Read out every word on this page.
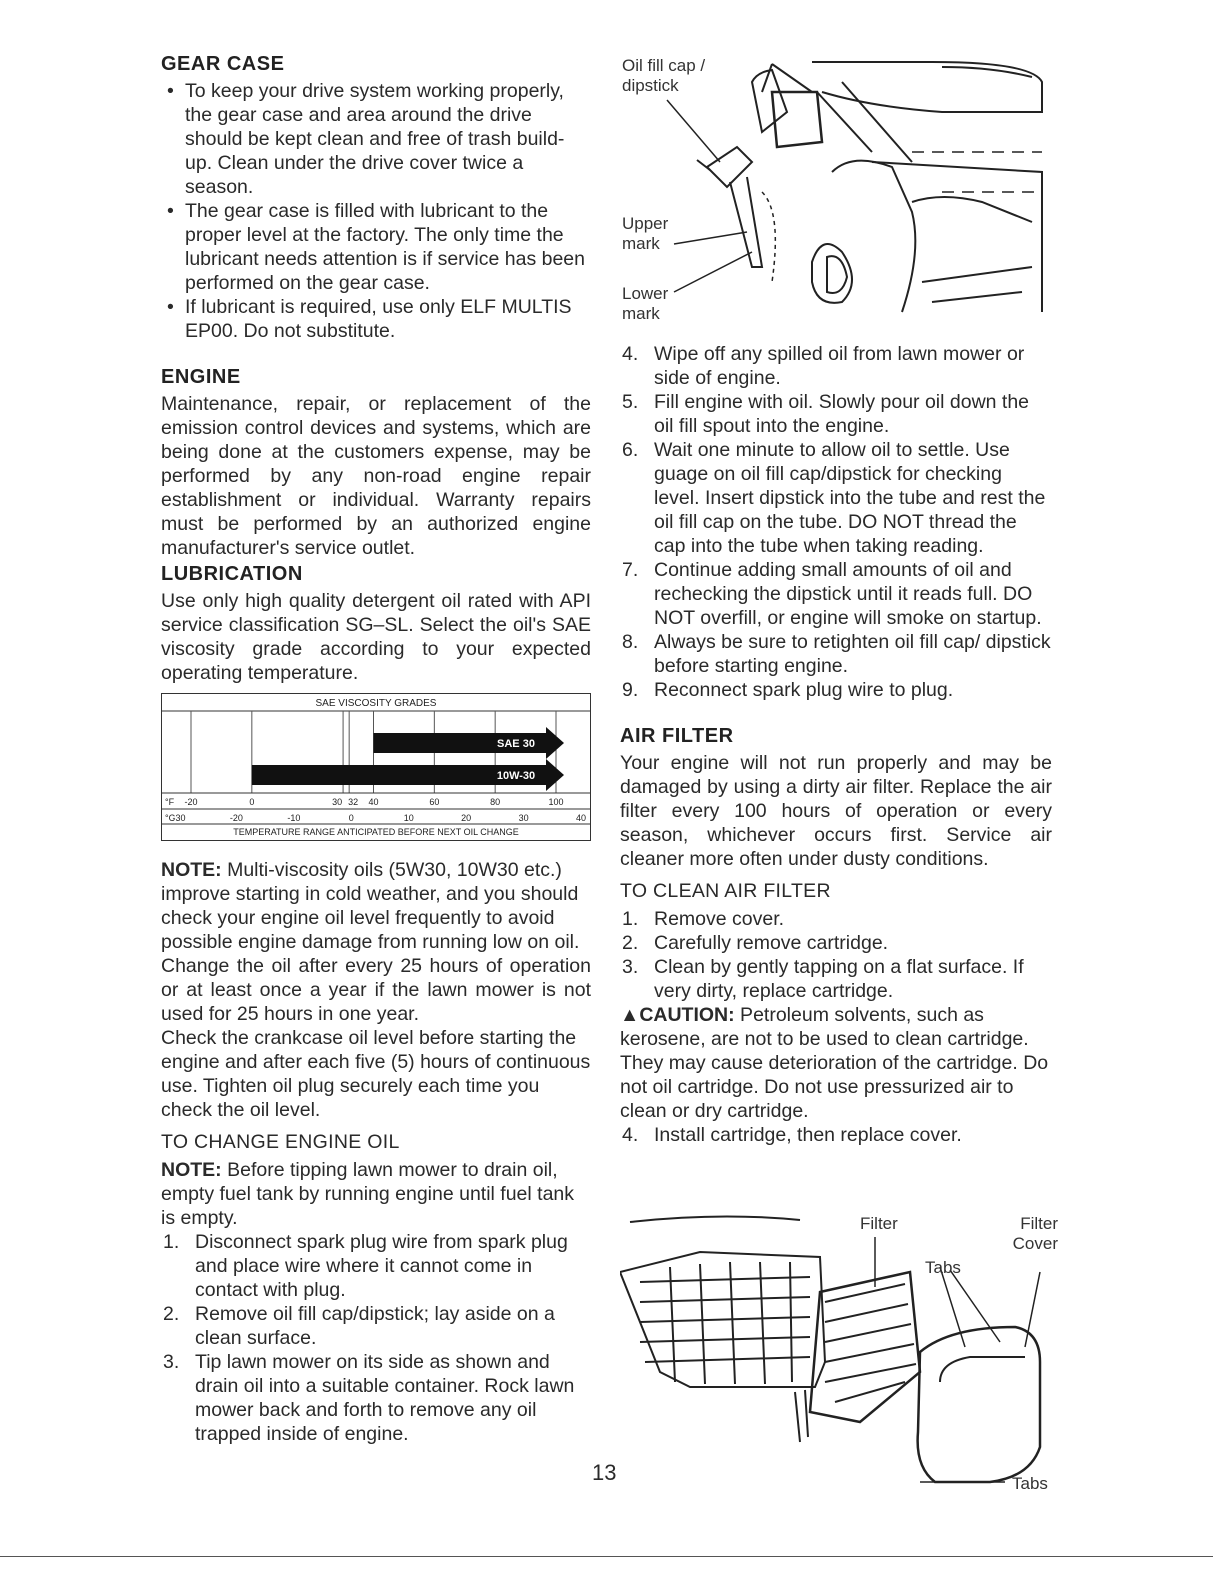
GEAR CASE
• To keep your drive system working properly, the gear case and area around the drive should be kept clean and free of trash build-up. Clean under the drive cover twice a season.
• The gear case is filled with lubricant to the proper level at the factory. The only time the lubricant needs attention is if service has been performed on the gear case.
• If lubricant is required, use only ELF MULTIS EP00. Do not substitute.
ENGINE

Maintenance, repair, or replacement of the emission control devices and systems, which are being done at the customers expense, may be performed by any non-road engine repair establishment or individual. Warranty repairs must be performed by an authorized engine manufacturer's service outlet.

LUBRICATION

Use only high quality detergent oil rated with API service classification SG–SL. Select the oil's SAE viscosity grade according to your expected operating temperature.

SAE 30
10W-30
SAE VISCOSITY GRADES
°F -20	0	30 32 40	60	80	100
°C
-30	-20	-10	0	10	20	30	40
TEMPERATURE RANGE ANTICIPATED BEFORE NEXT OIL CHANGE

NOTE: Multi-viscosity oils (5W30, 10W30 etc.) improve starting in cold weather, and you should check your engine oil level frequently to avoid possible engine damage from running low on oil.

Change the oil after every 25 hours of operation or at least once a year if the lawn mower is not used for 25 hours in one year.

Check the crankcase oil level before starting the engine and after each five (5) hours of continuous use. Tighten oil plug securely each time you check the oil level.

TO CHANGE ENGINE OIL

NOTE: Before tipping lawn mower to drain oil, empty fuel tank by running engine until fuel tank is empty.

1. Disconnect spark plug wire from spark plug and place wire where it cannot come in contact with plug.
2. Remove oil fill cap/dipstick; lay aside on a clean surface.
3. Tip lawn mower on its side as shown and drain oil into a suitable container. Rock lawn mower back and forth to remove any oil trapped inside of engine.
Oil fill cap / dipstick
Upper mark
Lower mark
4. Wipe off any spilled oil from lawn mower or side of engine.
5. Fill engine with oil. Slowly pour oil down the oil fill spout into the engine.
6. Wait one minute to allow oil to settle. Use guage on oil fill cap/dipstick for checking level. Insert dipstick into the tube and rest the oil fill cap on the tube. DO NOT thread the cap into the tube when taking reading.
7. Continue adding small amounts of oil and rechecking the dipstick until it reads full. DO NOT overfill, or engine will smoke on startup.
8. Always be sure to retighten oil fill cap/ dipstick before starting engine.
9. Reconnect spark plug wire to plug.
AIR FILTER

Your engine will not run properly and may be damaged by using a dirty air filter. Replace the air filter every 100 hours of operation or every season, whichever occurs first. Service air cleaner more often under dusty conditions.

TO CLEAN AIR FILTER
1. Remove cover.
2. Carefully remove cartridge.
3. Clean by gently tapping on a flat surface. If very dirty, replace cartridge.

▲CAUTION: Petroleum solvents, such as kerosene, are not to be used to clean cartridge. They may cause deterioration of the cartridge. Do not oil cartridge. Do not use pressurized air to clean or dry cartridge.

4. Install cartridge, then replace cover.
Filter	Filter Cover
Tabs
Tabs
13
